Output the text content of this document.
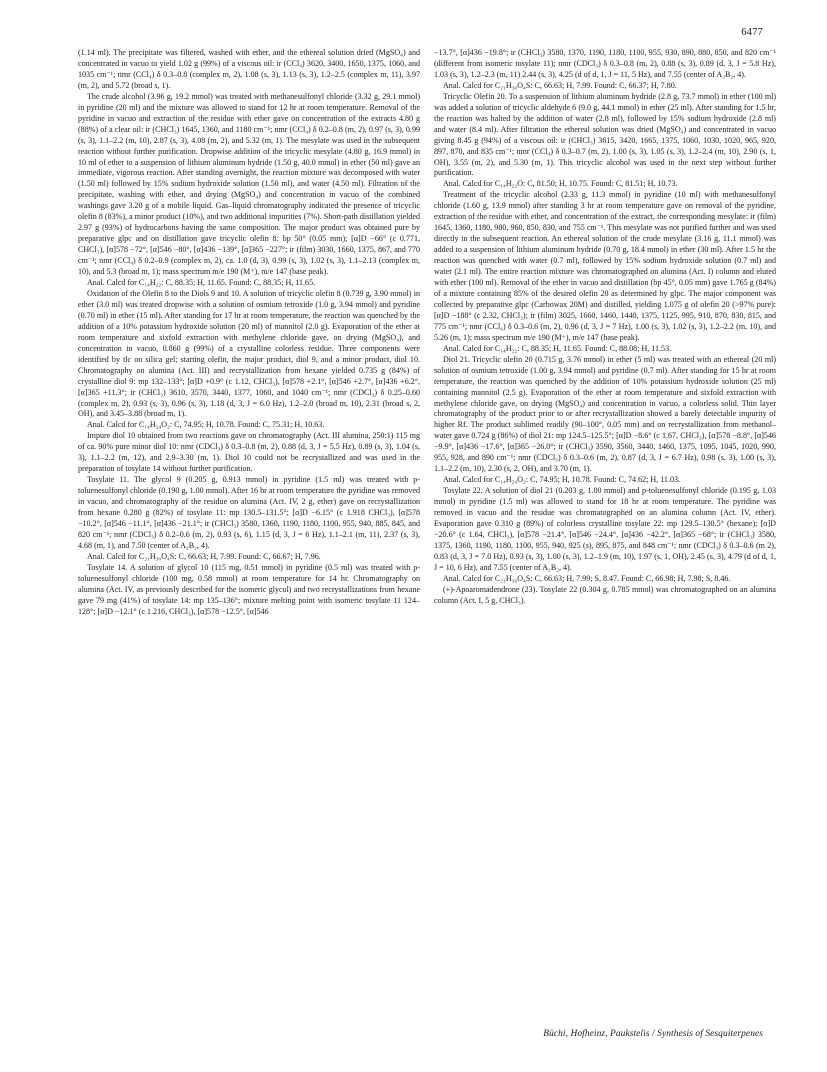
6477

(1.14 ml). The precipitate was filtered, washed with ether, and the ethereal solution dried (MgSO₄) and concentrated in vacuo to yield 1.02 g (99%) of a viscous oil: ir (CCl₄) 3620, 3400, 1650, 1375, 1060, and 1035 cm⁻¹; nmr (CCl₄) δ 0.3–0.8 (complex m, 2), 1.08 (s, 3), 1.13 (s, 3), 1.2–2.5 (complex m, 11), 3.97 (m, 2), and 5.72 (broad s, 1).

The crude alcohol (3.96 g, 19.2 mmol) was treated with methanesulfonyl chloride (3.32 g, 29.1 mmol) in pyridine (20 ml) and the mixture was allowed to stand for 12 hr at room temperature. Removal of the pyridine in vacuo and extraction of the residue with ether gave on concentration of the extracts 4.80 g (88%) of a clear oil: ir (CHCl₃) 1645, 1360, and 1180 cm⁻¹; nmr (CCl₄) δ 0.2–0.8 (m, 2), 0.97 (s, 3), 0.99 (s, 3), 1.1–2.2 (m, 10), 2.87 (s, 3), 4.08 (m, 2), and 5.32 (m, 1). The mesylate was used in the subsequent reaction without further purification. Dropwise addition of the tricyclic mesylate (4.80 g, 16.9 mmol) in 10 ml of ether to a suspension of lithium aluminum hydride (1.50 g, 40.0 mmol) in ether (50 ml) gave an immediate, vigorous reaction. After standing overnight, the reaction mixture was decomposed with water (1.50 ml) followed by 15% sodium hydroxide solution (1.50 ml), and water (4.50 ml). Filtration of the precipitate, washing with ether, and drying (MgSO₄) and concentration in vacuo of the combined washings gave 3.20 g of a mobile liquid. Gas–liquid chromatography indicated the presence of tricyclic olefin 8 (83%), a minor product (10%), and two additional impurities (7%). Short-path distillation yielded 2.97 g (93%) of hydrocarbons having the same composition. The major product was obtained pure by preparative glpc and on distillation gave tricyclic olefin 8: bp 50° (0.05 mm); [α]D −66° (c 0.771, CHCl₃), [α]578 −72°, [α]546 −80°, [α]436 −139°, [α]365 −227°; ir (film) 3030, 1660, 1375, 867, and 770 cm⁻¹; nmr (CCl₄) δ 0.2–0.9 (complex m, 2), ca. 1.0 (d, 3), 0.99 (s, 3), 1.02 (s, 3), 1.1–2.13 (complex m, 10), and 5.3 (broad m, 1); mass spectrum m/e 190 (M⁺), m/e 147 (base peak).

Anal. Calcd for C₁₄H₂₂: C, 88.35; H, 11.65. Found: C, 88.35; H, 11.65.

Oxidation of the Olefin 8 to the Diols 9 and 10. A solution of tricyclic olefin 8 (0.739 g, 3.90 mmol) in ether (3.0 ml) was treated dropwise with a solution of osmium tetroxide (1.0 g, 3.94 mmol) and pyridine (0.70 ml) in ether (15 ml). After standing for 17 hr at room temperature, the reaction was quenched by the addition of a 10% potassium hydroxide solution (20 ml) of mannitol (2.0 g). Evaporation of the ether at room temperature and sixfold extraction with methylene chloride gave, on drying (MgSO₄), and concentration in vacuo, 0.860 g (99%) of a crystalline colorless residue. Three components were identified by tlc on silica gel; starting olefin, the major product, diol 9, and a minor product, diol 10. Chromatography on alumina (Act. III) and recrystallization from hexane yielded 0.735 g (84%) of crystalline diol 9: mp 132–133°; [α]D +0.9° (c 1.12, CHCl₃), [α]578 +2.1°, [α]546 +2.7°, [α]436 +6.2°, [α]365 +11.3°; ir (CHCl₃) 3610, 3570, 3440, 1377, 1060, and 1040 cm⁻¹; nmr (CDCl₃) δ 0.25–0.60 (complex m, 2), 0.93 (s, 3), 0.96 (s, 3), 1.18 (d, 3, J = 6.0 Hz), 1.2–2.0 (broad m, 10), 2.31 (broad s, 2, OH), and 3.45–3.88 (broad m, 1).

Anal. Calcd for C₁₄H₂₄O₂: C, 74.95; H, 10.78. Found: C, 75.31; H, 10.63.

Impure diol 10 obtained from two reactions gave on chromatography (Act. III alumina, 250:1) 115 mg of ca. 90% pure minor diol 10: nmr (CDCl₃) δ 0.3–0.8 (m, 2), 0.88 (d, 3, J = 5.5 Hz), 0.89 (s, 3), 1.04 (s, 3), 1.1–2.2 (m, 12), and 2.9–3.30 (m, 1). Diol 10 could not be recrystallized and was used in the preparation of tosylate 14 without further purification.

Tosylate 11. The glycol 9 (0.205 g, 0.913 mmol) in pyridine (1.5 ml) was treated with p-toluenesulfonyl chloride (0.190 g, 1.00 mmol). After 16 hr at room temperature the pyridine was removed in vacuo, and chromatography of the residue on alumina (Act. IV, 2 g, ether) gave on recrystallization from hexane 0.280 g (82%) of tosylate 11: mp 130.5–131.5°; [α]D −6.15° (c 1.918 CHCl₃), [α]578 −10.2°, [α]546 −11.1°, [α]436 −21.1°; ir (CHCl₃) 3580, 1360, 1190, 1180, 1100, 955, 940, 885, 845, and 820 cm⁻¹; nmr (CDCl₃) δ 0.2–0.6 (m, 2), 0.93 (s, 6), 1.15 (d, 3, J = 6 Hz), 1.1–2.1 (m, 11), 2.37 (s, 3), 4.68 (m, 1), and 7.50 (center of A₂B₂, 4).

Anal. Calcd for C₂₁H₃₀O₄S: C, 66.63; H, 7.99. Found: C, 66.67; H, 7.96.

Tosylate 14. A solution of glycol 10 (115 mg, 0.51 mmol) in pyridine (0.5 ml) was treated with p-toluenesulfonyl chloride (100 mg, 0.58 mmol) at room temperature for 14 hr. Chromatography on alumina (Act. IV, as previously described for the isomeric glycol) and two recrystallizations from hexane gave 79 mg (41%) of tosylate 14: mp 135–136°; mixture melting point with isomeric tosylate 11 124–128°; [α]D −12.1° (c 1.216, CHCl₃), [α]578 −12.5°, [α]546

−13.7°, [α]436 −19.8°; ir (CHCl₃) 3580, 1370, 1190, 1180, 1100, 955, 930, 890, 880, 850, and 820 cm⁻¹ (different from isomeric tosylate 11); nmr (CDCl₃) δ 0.3–0.8 (m, 2), 0.88 (s, 3), 0.89 (d, 3, J = 5.8 Hz), 1.03 (s, 3), 1.2–2.3 (m, 11) 2.44 (s, 3), 4.25 (d of d, 1, J = 11, 5 Hz), and 7.55 (center of A₂B₂, 4).

Anal. Calcd for C₂₁H₃₀O₄S: C, 66.63; H, 7.99. Found: C, 66.37; H, 7.80.

Tricyclic Olefin 20. To a suspension of lithium aluminum hydride (2.8 g, 73.7 mmol) in ether (100 ml) was added a solution of tricyclic aldehyde 6 (9.0 g, 44.1 mmol) in ether (25 ml). After standing for 1.5 hr, the reaction was halted by the addition of water (2.8 ml), followed by 15% sodium hydroxide (2.8 ml) and water (8.4 ml). After filtration the ethereal solution was dried (MgSO₄) and concentrated in vacuo giving 8.45 g (94%) of a viscous oil: ir (CHCl₃) 3615, 3420, 1665, 1375, 1060, 1030, 1020, 965, 920, 897, 870, and 835 cm⁻¹; nmr (CCl₄) δ 0.3–0.7 (m, 2), 1.00 (s, 3), 1.05 (s, 3), 1.2–2.4 (m, 10), 2.90 (s, 1, OH), 3.55 (m, 2), and 5.30 (m, 1). This tricyclic alcohol was used in the next step without further purification.

Anal. Calcd for C₁₄H₂₂O: C, 81.50; H, 10.75. Found: C, 81.51; H, 10.73.

Treatment of the tricyclic alcohol (2.33 g, 11.3 mmol) in pyridine (10 ml) with methanesulfonyl chloride (1.60 g, 13.9 mmol) after standing 3 hr at room temperature gave on removal of the pyridine, extraction of the residue with ether, and concentration of the extract, the corresponding mesylate: ir (film) 1645, 1360, 1180, 980, 960, 850, 830, and 755 cm⁻¹. This mesylate was not purified further and was used directly in the subsequent reaction. An ethereal solution of the crude mesylate (3.16 g, 11.1 mmol) was added to a suspension of lithium aluminum hydride (0.70 g, 18.4 mmol) in ether (30 ml). After 1.5 hr the reaction was quenched with water (0.7 ml), followed by 15% sodium hydroxide solution (0.7 ml) and water (2.1 ml). The entire reaction mixture was chromatographed on alumina (Act. I) column and eluted with ether (100 ml). Removal of the ether in vacuo and distillation (bp 45°, 0.05 mm) gave 1.765 g (84%) of a mixture containing 85% of the desired olefin 20 as determined by glpc. The major component was collected by preparative glpc (Carbowax 20M) and distilled, yielding 1.075 g of olefin 20 (>97% pure): [α]D −188° (c 2.32, CHCl₃); ir (film) 3025, 1660, 1460, 1440, 1375, 1125, 995, 910, 870, 830, 815, and 775 cm⁻¹; nmr (CCl₄) δ 0.3–0.6 (m, 2), 0.96 (d, 3, J = 7 Hz), 1.00 (s, 3), 1.02 (s, 3), 1.2–2.2 (m, 10), and 5.26 (m, 1); mass spectrum m/e 190 (M⁺), m/e 147 (base peak).

Anal. Calcd for C₁₄H₂₂: C, 88.35; H, 11.65. Found: C, 88.08; H, 11.53.

Diol 21. Tricyclic olefin 20 (0.715 g, 3.76 mmol) in ether (5 ml) was treated with an ethereal (20 ml) solution of osmium tetroxide (1.00 g, 3.94 mmol) and pyridine (0.7 ml). After standing for 15 hr at room temperature, the reaction was quenched by the addition of 10% potassium hydroxide solution (25 ml) containing mannitol (2.5 g). Evaporation of the ether at room temperature and sixfold extraction with methylene chloride gave, on drying (MgSO₄) and concentration in vacuo, a colorless solid. Thin layer chromatography of the product prior to or after recrystallization showed a barely detectable impurity of higher Rf. The product sublimed readily (90–100°, 0.05 mm) and on recrystallization from methanol–water gave 0.724 g (86%) of diol 21: mp 124.5–125.5°; [α]D −8.6° (c 1.67, CHCl₃), [α]578 −8.8°, [α]546 −9.9°, [α]436 −17.6°, [α]365 −26.0°; ir (CHCl₃) 3590, 3560, 3440, 1460, 1375, 1095, 1045, 1020, 990, 955, 928, and 890 cm⁻¹; nmr (CDCl₃) δ 0.3–0.6 (m, 2), 0.87 (d, 3, J = 6.7 Hz), 0.98 (s, 3), 1.00 (s, 3), 1.1–2.2 (m, 10), 2.30 (s, 2, OH), and 3.70 (m, 1).

Anal. Calcd for C₁₄H₂₄O₂: C, 74.95; H, 10.78. Found: C, 74.62; H, 11.03.

Tosylate 22. A solution of diol 21 (0.203 g, 1.00 mmol) and p-toluenesulfonyl chloride (0.195 g, 1.03 mmol) in pyridine (1.5 ml) was allowed to stand for 18 hr at room temperature. The pyridine was removed in vacuo and the residue was chromatographed on an alumina column (Act. IV, ether). Evaporation gave 0.310 g (89%) of colorless crystalline tosylate 22: mp 129.5–130.5° (hexane); [α]D −20.6° (c 1.64, CHCl₃), [α]578 −21.4°, [α]546 −24.4°, [α]436 −42.2°, [α]365 −68°; ir (CHCl₃) 3580, 1375, 1360, 1190, 1180, 1100, 955, 940, 925 (s), 895, 875, and 848 cm⁻¹; nmr (CDCl₃) δ 0.3–0.6 (m 2), 0.83 (d, 3, J = 7.0 Hz), 0.93 (s, 3), 1.00 (s, 3), 1.2–1.9 (m, 10), 1.97 (s, 1, OH), 2.45 (s, 3), 4.79 (d of d, 1, J = 10, 6 Hz), and 7.55 (center of A₂B₂, 4).

Anal. Calcd for C₂₁H₃₀O₄S: C, 66.63; H, 7.99; S, 8.47. Found: C, 66.98; H, 7.98; S, 8.46.

(+)-Apoaromadendrone (23). Tosylate 22 (0.304 g, 0.785 mmol) was chromatographed on an alumina column (Act. I, 5 g, CHCl₃).

Büchi, Hofheinz, Paukstelis / Synthesis of Sesquiterpenes
